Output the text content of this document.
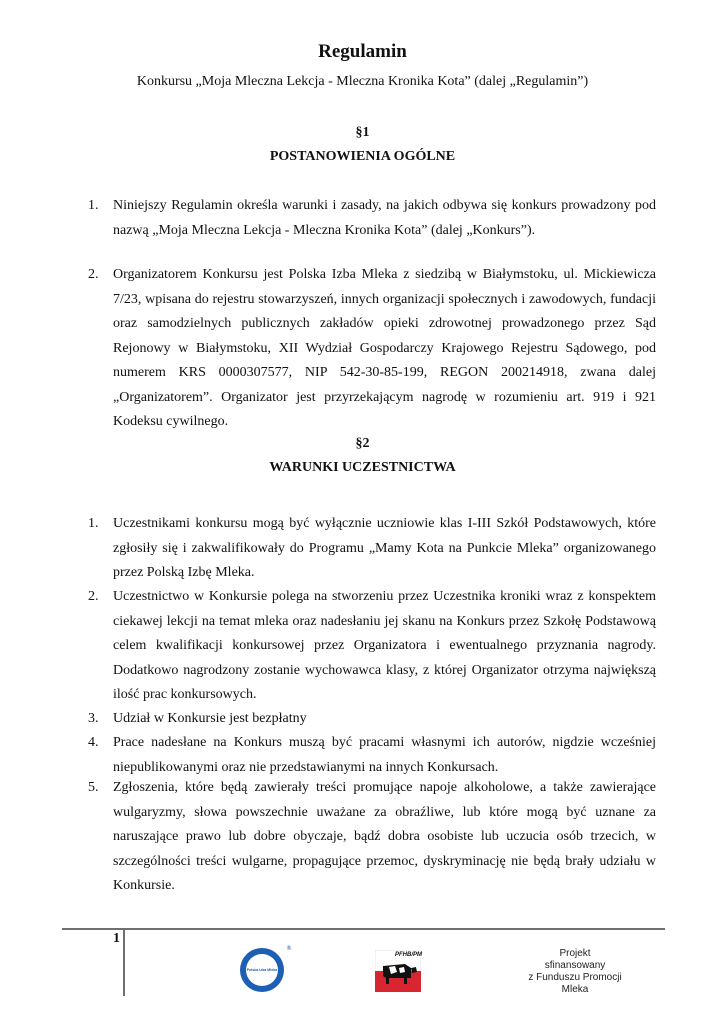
Regulamin
Konkursu „Moja Mleczna Lekcja - Mleczna Kronika Kota” (dalej „Regulamin”)
§1
POSTANOWIENIA OGÓLNE
1. Niniejszy Regulamin określa warunki i zasady, na jakich odbywa się konkurs prowadzony pod nazwą „Moja Mleczna Lekcja - Mleczna Kronika Kota” (dalej „Konkurs”).
2. Organizatorem Konkursu jest Polska Izba Mleka z siedzibą w Białymstoku, ul. Mickiewicza 7/23, wpisana do rejestru stowarzyszeń, innych organizacji społecznych i zawodowych, fundacji oraz samodzielnych publicznych zakładów opieki zdrowotnej prowadzonego przez Sąd Rejonowy w Białymstoku, XII Wydział Gospodarczy Krajowego Rejestru Sądowego, pod numerem KRS 0000307577, NIP 542-30-85-199, REGON 200214918, zwana dalej „Organizatorem”. Organizator jest przyrzekającym nagrodę w rozumieniu art. 919 i 921 Kodeksu cywilnego.
§2
WARUNKI UCZESTNICTWA
1. Uczestnikami konkursu mogą być wyłącznie uczniowie klas I-III Szkół Podstawowych, które zgłosiły się i zakwalifikowały do Programu „Mamy Kota na Punkcie Mleka” organizowanego przez Polską Izbę Mleka.
2. Uczestnictwo w Konkursie polega na stworzeniu przez Uczestnika kroniki wraz z konspektem ciekawej lekcji na temat mleka oraz nadesłaniu jej skanu na Konkurs przez Szkołę Podstawową celem kwalifikacji konkursowej przez Organizatora i ewentualnego przyznania nagrody. Dodatkowo nagrodzony zostanie wychowawca klasy, z której Organizator otrzyma największą ilość prac konkursowych.
3. Udział w Konkursie jest bezpłatny
4. Prace nadesłane na Konkurs muszą być pracami własnymi ich autorów, nigdzie wcześniej niepublikowanymi oraz nie przedstawianymi na innych Konkursach.
5. Zgłoszenia, które będą zawierały treści promujące napoje alkoholowe, a także zawierające wulgaryzmy, słowa powszechnie uważane za obraźliwe, lub które mogą być uznane za naruszające prawo lub dobre obyczaje, bądź dobra osobiste lub uczucia osób trzecich, w szczególności treści wulgarne, propagujące przemoc, dyskryminację nie będą brały udziału w Konkursie.
1
Polska Izba Mleka
®
PFHB/PM	Projekt
sfinansowany
z Funduszu Promocji
Mleka
